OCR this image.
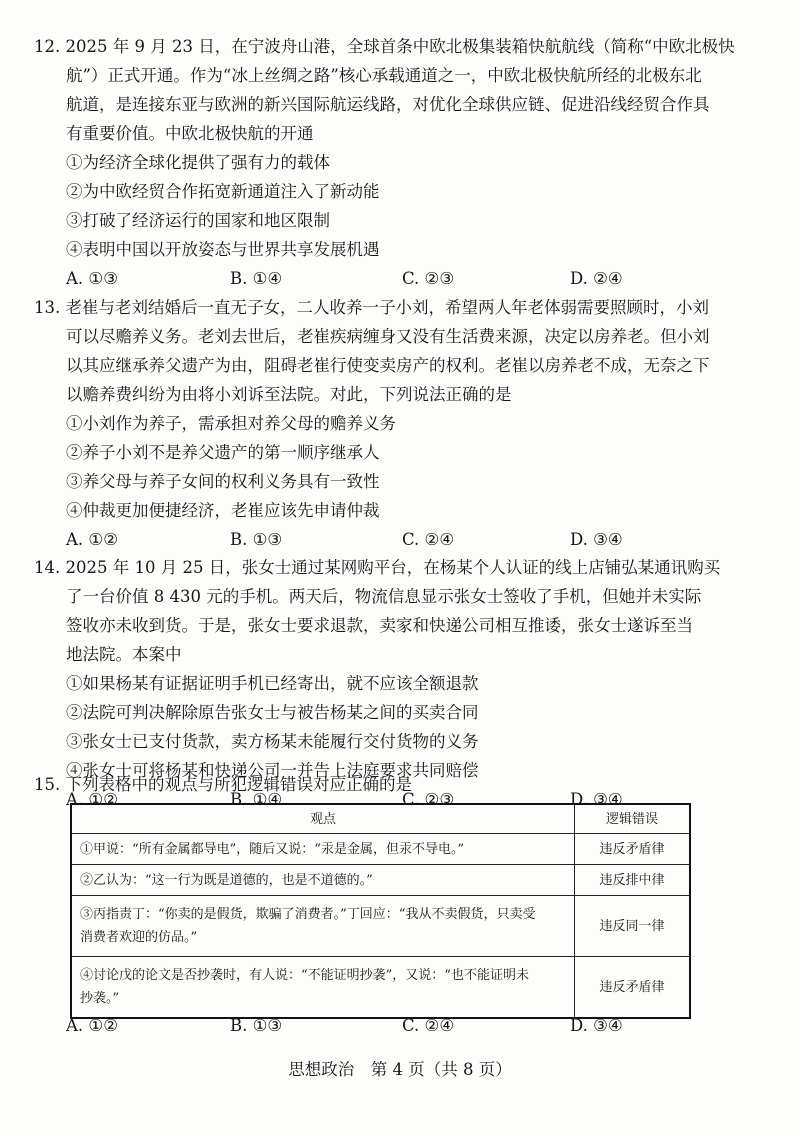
12. 2025 年 9 月 23 日，在宁波舟山港，全球首条中欧北极集装箱快航航线（简称“中欧北极快
航”）正式开通。作为“冰上丝绸之路”核心承载通道之一，中欧北极快航所经的北极东北
航道，是连接东亚与欧洲的新兴国际航运线路，对优化全球供应链、促进沿线经贸合作具
有重要价值。中欧北极快航的开通
①为经济全球化提供了强有力的载体
②为中欧经贸合作拓宽新通道注入了新动能
③打破了经济运行的国家和地区限制
④表明中国以开放姿态与世界共享发展机遇
A. ①③	B. ①④	C. ②③	D. ②④
13. 老崔与老刘结婚后一直无子女，二人收养一子小刘，希望两人年老体弱需要照顾时，小刘
可以尽赡养义务。老刘去世后，老崔疾病缠身又没有生活费来源，决定以房养老。但小刘
以其应继承养父遗产为由，阻碍老崔行使变卖房产的权利。老崔以房养老不成，无奈之下
以赡养费纠纷为由将小刘诉至法院。对此，下列说法正确的是
①小刘作为养子，需承担对养父母的赡养义务
②养子小刘不是养父遗产的第一顺序继承人
③养父母与养子女间的权利义务具有一致性
④仲裁更加便捷经济，老崔应该先申请仲裁
A. ①②	B. ①③	C. ②④	D. ③④
14. 2025 年 10 月 25 日，张女士通过某网购平台，在杨某个人认证的线上店铺弘某通讯购买
了一台价值 8 430 元的手机。两天后，物流信息显示张女士签收了手机，但她并未实际
签收亦未收到货。于是，张女士要求退款，卖家和快递公司相互推诿，张女士遂诉至当
地法院。本案中
①如果杨某有证据证明手机已经寄出，就不应该全额退款
②法院可判决解除原告张女士与被告杨某之间的买卖合同
③张女士已支付货款，卖方杨某未能履行交付货物的义务
④张女士可将杨某和快递公司一并告上法庭要求共同赔偿
A. ①②	B. ①④	C. ②③	D. ③④
15. 下列表格中的观点与所犯逻辑错误对应正确的是
观点	逻辑错误
①甲说：“所有金属都导电”，随后又说：“汞是金属，但汞不导电。”	违反矛盾律
②乙认为：“这一行为既是道德的，也是不道德的。”	违反排中律
③丙指责丁：“你卖的是假货，欺骗了消费者。”丁回应：“我从不卖假货，只卖受
消费者欢迎的仿品。”	违反同一律
④讨论戊的论文是否抄袭时，有人说：“不能证明抄袭”，又说：“也不能证明未
抄袭。”	违反矛盾律
A. ①②	B. ①③	C. ②④	D. ③④
思想政治　第 4 页（共 8 页）
